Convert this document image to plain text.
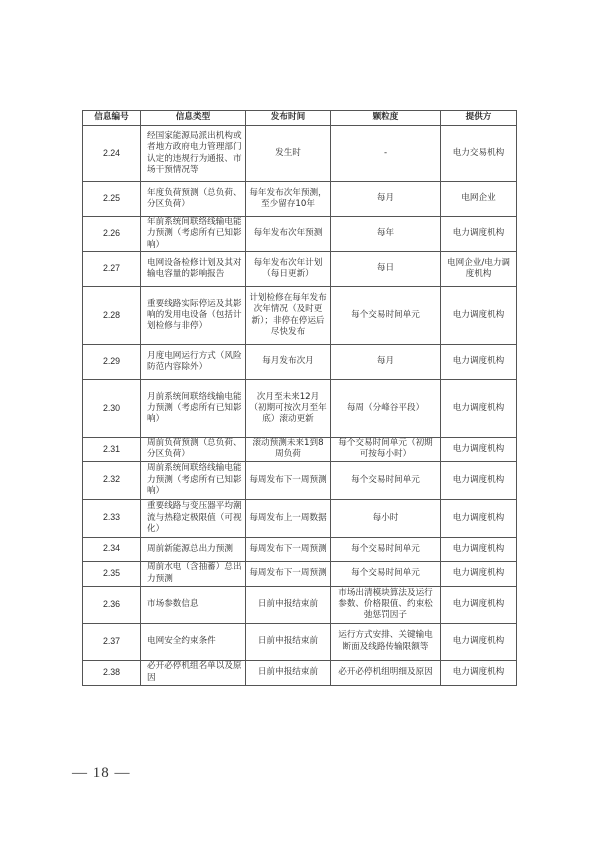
信息编号	信息类型	发布时间	颗粒度	提供方
2.24	经国家能源局派出机构或者地方政府电力管理部门认定的违规行为通报、市场干预情况等	发生时	-	电力交易机构
2.25	年度负荷预测（总负荷、分区负荷）	每年发布次年预测，至少留存10年	每月	电网企业
2.26	年前系统间联络线输电能力预测（考虑所有已知影响）	每年发布次年预测	每年	电力调度机构
2.27	电网设备检修计划及其对输电容量的影响报告	每年发布次年计划（每日更新）	每日	电网企业/电力调度机构
2.28	重要线路实际停运及其影响的发用电设备（包括计划检修与非停）	计划检修在每年发布次年情况（及时更新）；非停在停运后尽快发布	每个交易时间单元	电力调度机构
2.29	月度电网运行方式（风险防范内容除外）	每月发布次月	每月	电力调度机构
2.30	月前系统间联络线输电能力预测（考虑所有已知影响）	次月至未来12月（初期可按次月至年底）滚动更新	每周（分峰谷平段）	电力调度机构
2.31	周前负荷预测（总负荷、分区负荷）	滚动预测未来1到8周负荷	每个交易时间单元（初期可按每小时）	电力调度机构
2.32	周前系统间联络线输电能力预测（考虑所有已知影响）	每周发布下一周预测	每个交易时间单元	电力调度机构
2.33	重要线路与变压器平均潮流与热稳定极限值（可视化）	每周发布上一周数据	每小时	电力调度机构
2.34	周前新能源总出力预测	每周发布下一周预测	每个交易时间单元	电力调度机构
2.35	周前水电（含抽蓄）总出力预测	每周发布下一周预测	每个交易时间单元	电力调度机构
2.36	市场参数信息	日前申报结束前	市场出清模块算法及运行参数、价格限值、约束松弛惩罚因子	电力调度机构
2.37	电网安全约束条件	日前申报结束前	运行方式安排、关键输电断面及线路传输限额等	电力调度机构
2.38	必开必停机组名单以及原因	日前申报结束前	必开必停机组明细及原因	电力调度机构
— 18 —
